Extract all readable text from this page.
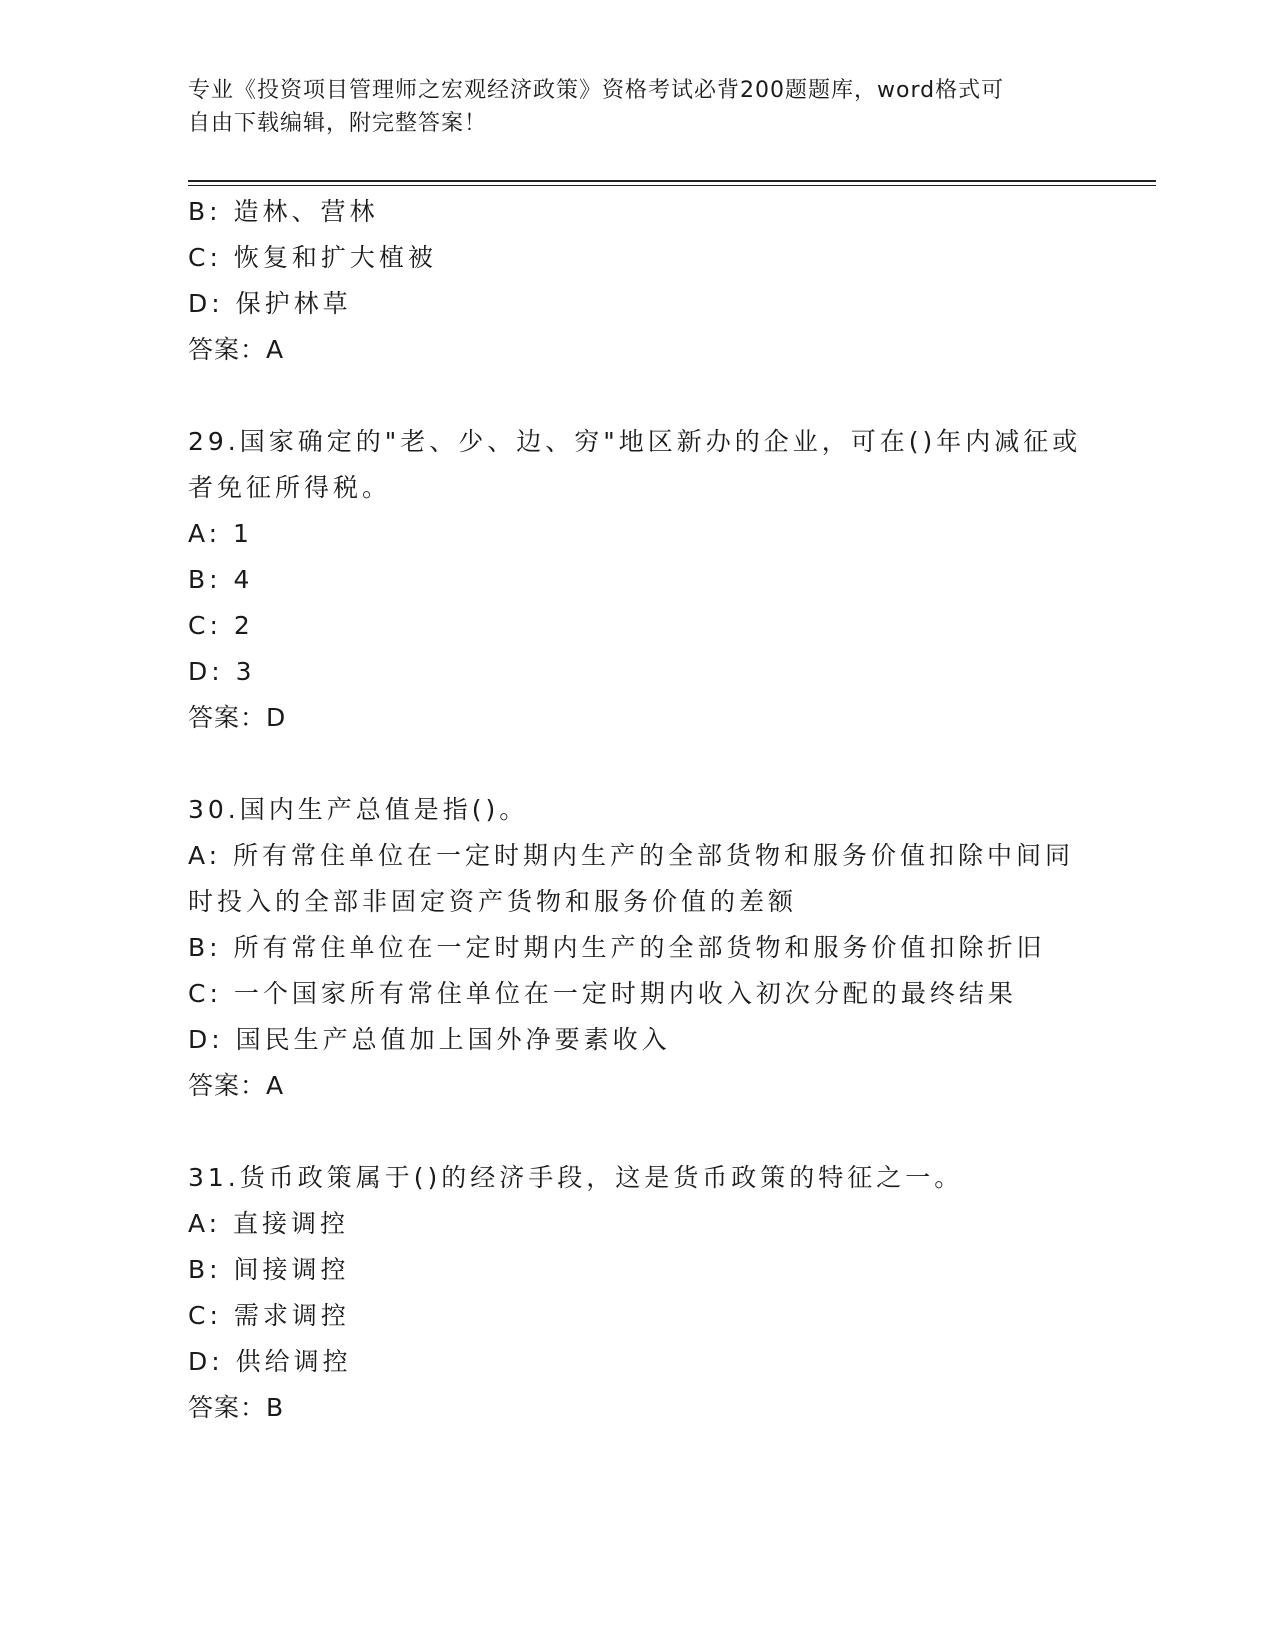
专业《投资项目管理师之宏观经济政策》资格考试必背200题题库，word格式可
自由下载编辑，附完整答案！
B: 造林、营林
C: 恢复和扩大植被
D: 保护林草
答案：A
29.国家确定的"老、少、边、穷"地区新办的企业，可在()年内减征或
者免征所得税。
A: 1
B: 4
C: 2
D: 3
答案：D
30.国内生产总值是指()。
A: 所有常住单位在一定时期内生产的全部货物和服务价值扣除中间同
时投入的全部非固定资产货物和服务价值的差额
B: 所有常住单位在一定时期内生产的全部货物和服务价值扣除折旧
C: 一个国家所有常住单位在一定时期内收入初次分配的最终结果
D: 国民生产总值加上国外净要素收入
答案：A
31.货币政策属于()的经济手段，这是货币政策的特征之一。
A: 直接调控
B: 间接调控
C: 需求调控
D: 供给调控
答案：B
